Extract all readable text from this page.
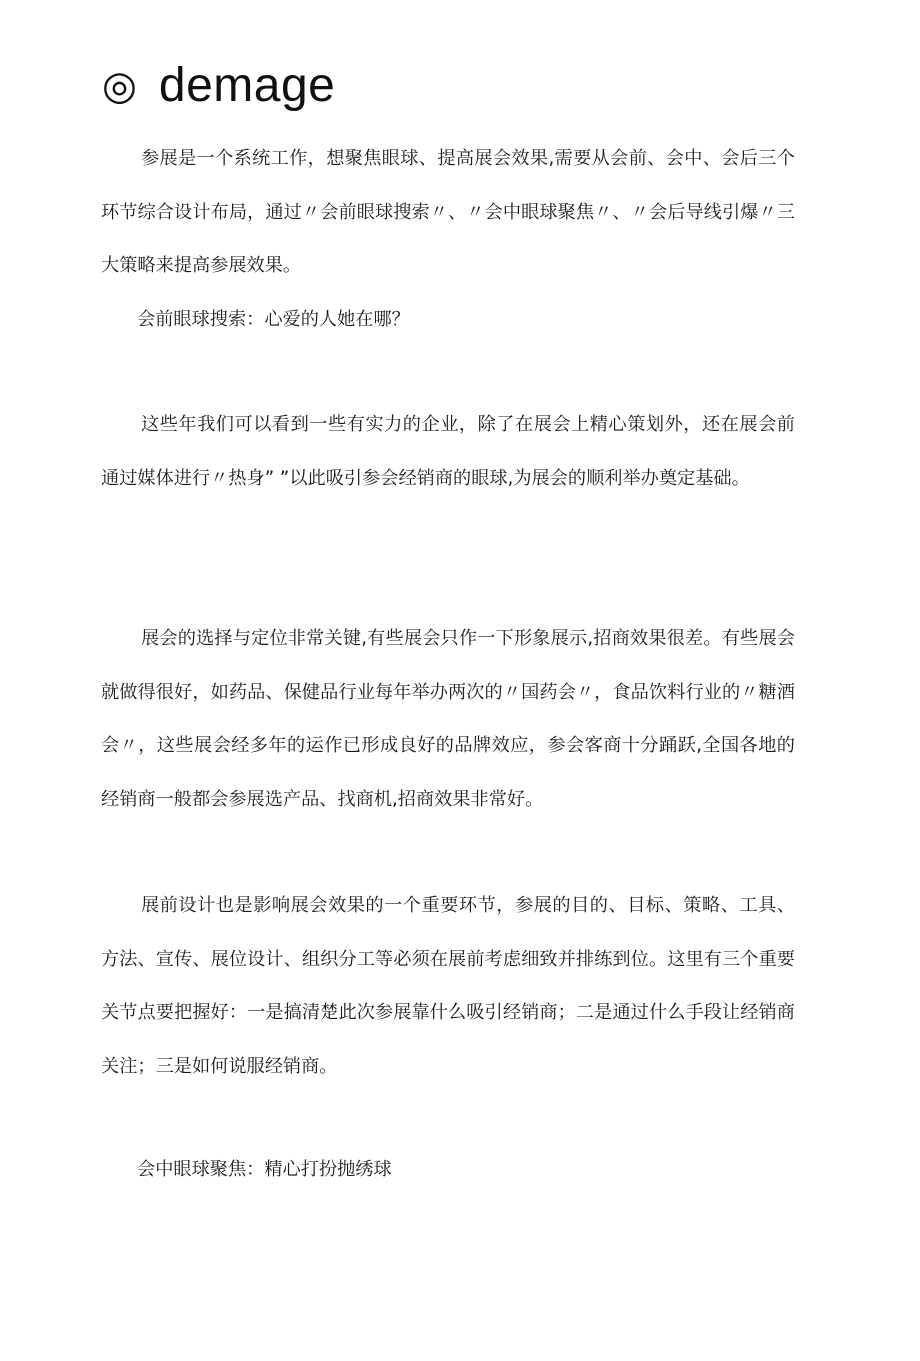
◎ demage

参展是一个系统工作，想聚焦眼球、提高展会效果,需要从会前、会中、会后三个环节综合设计布局，通过〃会前眼球搜索〃、〃会中眼球聚焦〃、〃会后导线引爆〃三大策略来提高参展效果。

会前眼球搜索：心爱的人她在哪？

这些年我们可以看到一些有实力的企业，除了在展会上精心策划外，还在展会前通过媒体进行〃热身” ”以此吸引参会经销商的眼球,为展会的顺利举办奠定基础。

展会的选择与定位非常关键,有些展会只作一下形象展示,招商效果很差。有些展会就做得很好，如药品、保健品行业每年举办两次的〃国药会〃，食品饮料行业的〃糖酒会〃，这些展会经多年的运作已形成良好的品牌效应，参会客商十分踊跃,全国各地的经销商一般都会参展选产品、找商机,招商效果非常好。

展前设计也是影响展会效果的一个重要环节，参展的目的、目标、策略、工具、方法、宣传、展位设计、组织分工等必须在展前考虑细致并排练到位。这里有三个重要关节点要把握好：一是搞清楚此次参展靠什么吸引经销商；二是通过什么手段让经销商关注；三是如何说服经销商。

会中眼球聚焦：精心打扮抛绣球
